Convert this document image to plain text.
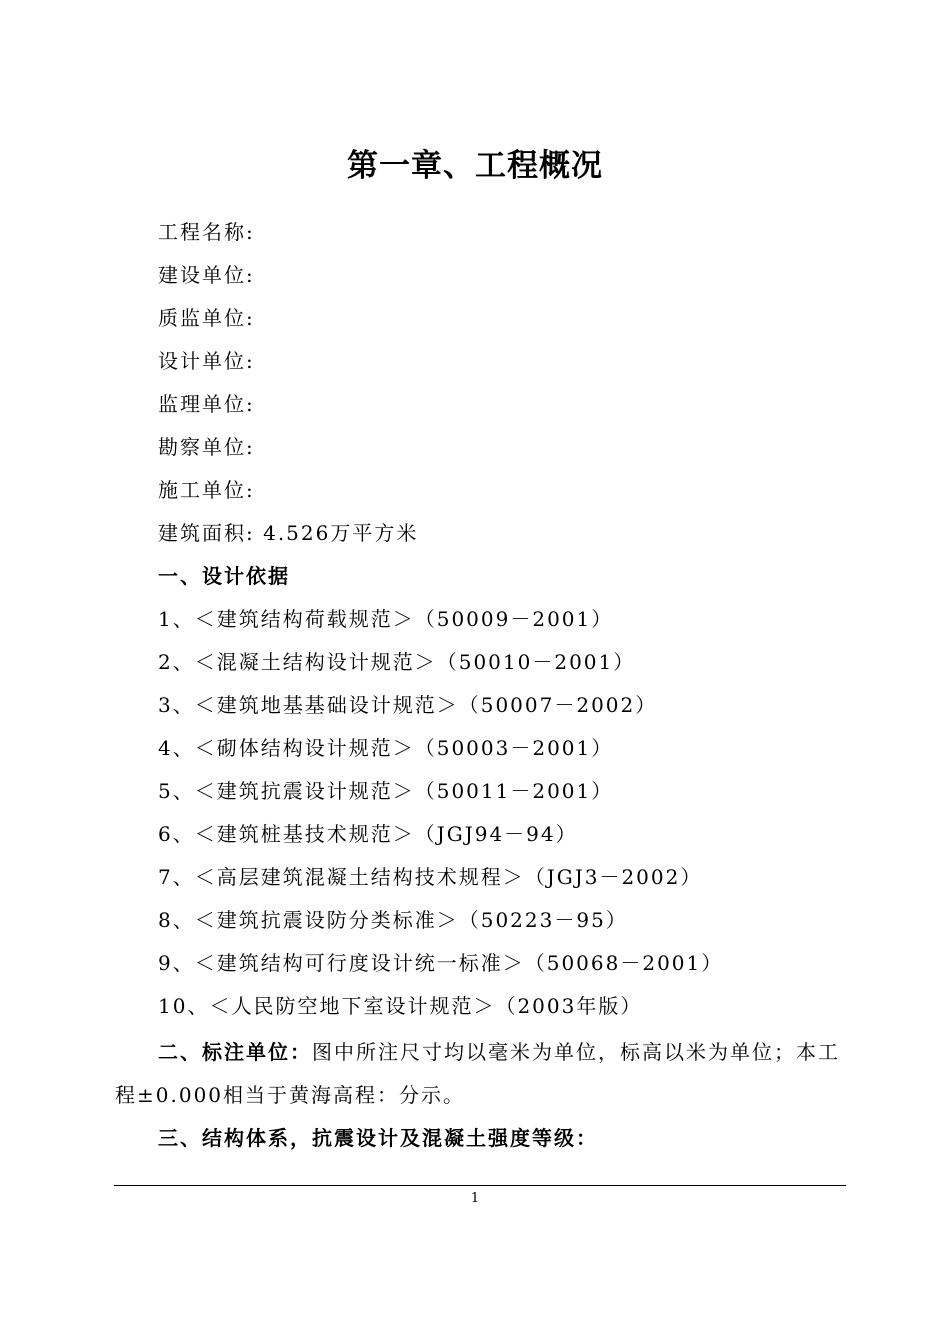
第一章、工程概况
工程名称:
建设单位:
质监单位:
设计单位:
监理单位:
勘察单位:
施工单位:
建筑面积: 4.526万平方米
一、设计依据
1、＜建筑结构荷载规范＞（50009－2001）
2、＜混凝土结构设计规范＞（50010－2001）
3、＜建筑地基基础设计规范＞（50007－2002）
4、＜砌体结构设计规范＞（50003－2001）
5、＜建筑抗震设计规范＞（50011－2001）
6、＜建筑桩基技术规范＞（JGJ94－94）
7、＜高层建筑混凝土结构技术规程＞（JGJ3－2002）
8、＜建筑抗震设防分类标准＞（50223－95）
9、＜建筑结构可行度设计统一标准＞（50068－2001）
10、＜人民防空地下室设计规范＞（2003年版）
二、标注单位：图中所注尺寸均以毫米为单位，标高以米为单位；本工程±0.000相当于黄海高程：分示。
三、结构体系，抗震设计及混凝土强度等级：
1
